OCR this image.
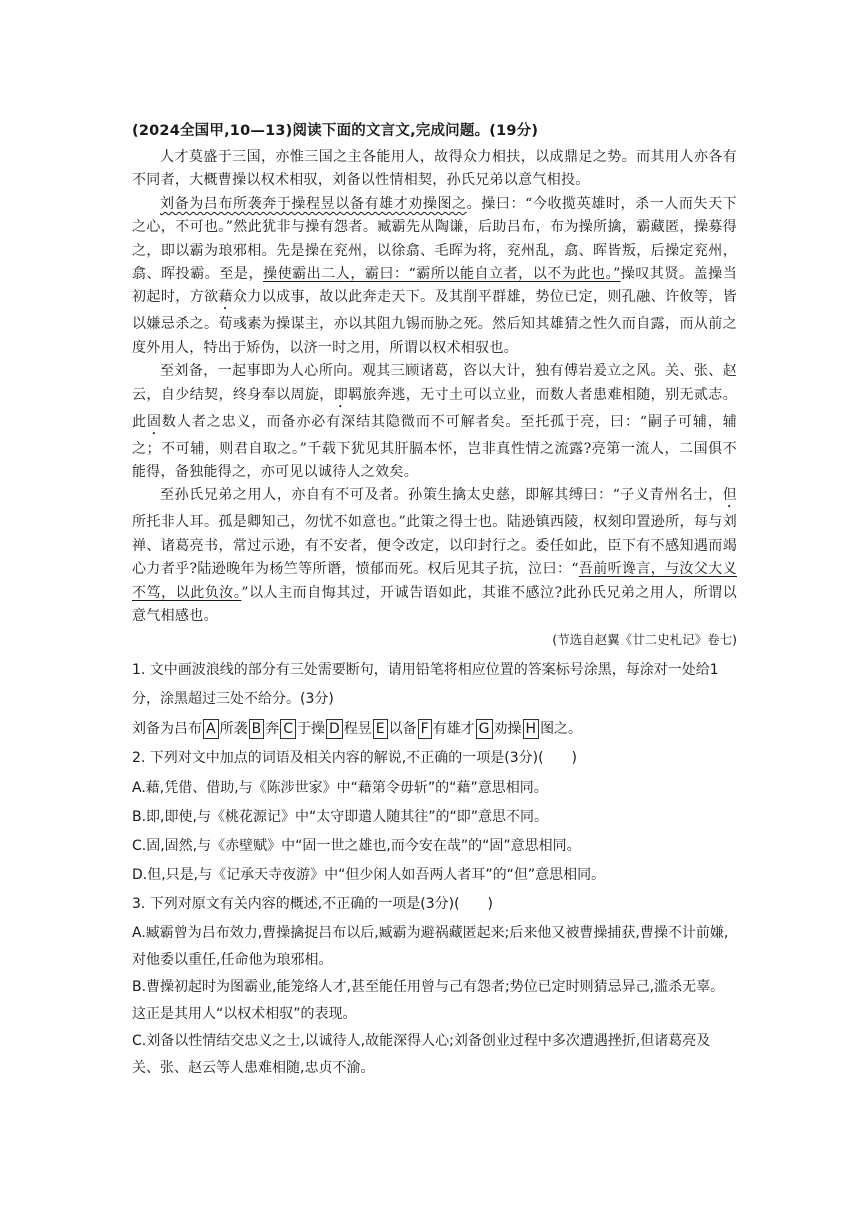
(2024全国甲,10—13)阅读下面的文言文,完成问题。(19分)

人才莫盛于三国，亦惟三国之主各能用人，故得众力相扶，以成鼎足之势。而其用人亦各有不同者，大概曹操以权术相驭，刘备以性情相契，孙氏兄弟以意气相投。

刘备为吕布所袭奔于操程昱以备有雄才劝操图之。操曰：“今收揽英雄时，杀一人而失天下之心，不可也。”然此犹非与操有怨者。臧霸先从陶谦，后助吕布，布为操所擒，霸藏匿，操募得之，即以霸为琅邪相。先是操在兖州，以徐翕、毛晖为将，兖州乱，翕、晖皆叛，后操定兖州，翕、晖投霸。至是，操使霸出二人，霸曰：“霸所以能自立者，以不为此也。”操叹其贤。盖操当初起时，方欲藉众力以成事，故以此奔走天下。及其削平群雄，势位已定，则孔融、许攸等，皆以嫌忌杀之。荀彧素为操谋主，亦以其阻九锡而胁之死。然后知其雄猜之性久而自露，而从前之度外用人，特出于矫伪，以济一时之用，所谓以权术相驭也。

至刘备，一起事即为人心所向。观其三顾诸葛，咨以大计，独有傅岩爰立之风。关、张、赵云，自少结契，终身奉以周旋，即羁旅奔逃，无寸土可以立业，而数人者患难相随，别无贰志。此固数人者之忠义，而备亦必有深结其隐微而不可解者矣。至托孤于亮，曰：“嗣子可辅，辅之；不可辅，则君自取之。”千载下犹见其肝膈本怀，岂非真性情之流露?亮第一流人，二国俱不能得，备独能得之，亦可见以诚待人之效矣。

至孙氏兄弟之用人，亦自有不可及者。孙策生擒太史慈，即解其缚曰：“子义青州名士，但所托非人耳。孤是卿知己，勿忧不如意也。”此策之得士也。陆逊镇西陵，权刻印置逊所，每与刘禅、诸葛亮书，常过示逊，有不安者，便令改定，以印封行之。委任如此，臣下有不感知遇而竭心力者乎?陆逊晚年为杨竺等所谮，愤郁而死。权后见其子抗，泣曰：“吾前听谗言，与汝父大义不笃，以此负汝。”以人主而自悔其过，开诚告语如此，其谁不感泣?此孙氏兄弟之用人，所谓以意气相感也。

(节选自赵翼《廿二史札记》卷七)

1. 文中画波浪线的部分有三处需要断句，请用铅笔将相应位置的答案标号涂黑，每涂对一处给1分，涂黑超过三处不给分。(3分)

刘备为吕布 A 所袭 B 奔 C 于操 D 程昱 E 以备 F 有雄才 G 劝操 H 图之。

2. 下列对文中加点的词语及相关内容的解说,不正确的一项是(3分)(　　)

A.藉,凭借、借助,与《陈涉世家》中“藉第令毋斩”的“藉”意思相同。

B.即,即使,与《桃花源记》中“太守即遣人随其往”的“即”意思不同。

C.固,固然,与《赤壁赋》中“固一世之雄也,而今安在哉”的“固”意思相同。

D.但,只是,与《记承天寺夜游》中“但少闲人如吾两人者耳”的“但”意思相同。

3. 下列对原文有关内容的概述,不正确的一项是(3分)(　　)

A.臧霸曾为吕布效力,曹操擒捉吕布以后,臧霸为避祸藏匿起来;后来他又被曹操捕获,曹操不计前嫌,对他委以重任,任命他为琅邪相。

B.曹操初起时为图霸业,能笼络人才,甚至能任用曾与己有怨者;势位已定时则猜忌异己,滥杀无辜。这正是其用人“以权术相驭”的表现。

C.刘备以性情结交忠义之士,以诚待人,故能深得人心;刘备创业过程中多次遭遇挫折,但诸葛亮及关、张、赵云等人患难相随,忠贞不渝。
